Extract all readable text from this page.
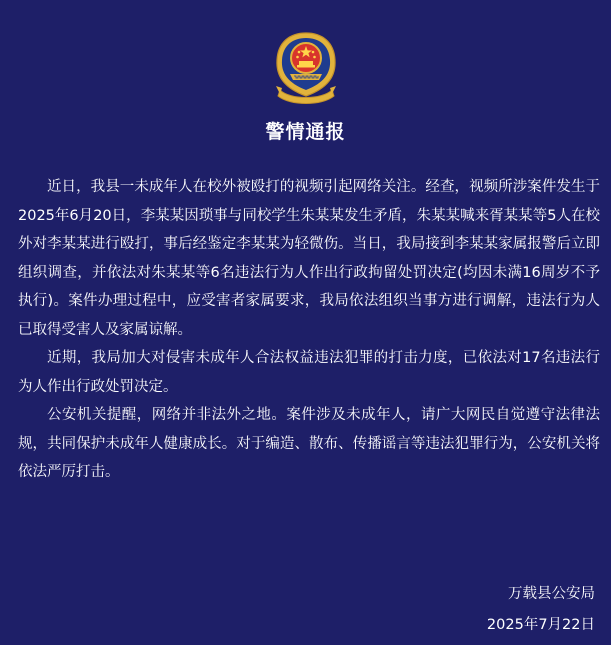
警情通报

近日，我县一未成年人在校外被殴打的视频引起网络关注。经查，视频所涉案件发生于2025年6月20日，李某某因琐事与同校学生朱某某发生矛盾，朱某某喊来胥某某等5人在校外对李某某进行殴打，事后经鉴定李某某为轻微伤。当日，我局接到李某某家属报警后立即组织调查，并依法对朱某某等6名违法行为人作出行政拘留处罚决定(均因未满16周岁不予执行)。案件办理过程中，应受害者家属要求，我局依法组织当事方进行调解，违法行为人已取得受害人及家属谅解。

近期，我局加大对侵害未成年人合法权益违法犯罪的打击力度，已依法对17名违法行为人作出行政处罚决定。

公安机关提醒，网络并非法外之地。案件涉及未成年人，请广大网民自觉遵守法律法规，共同保护未成年人健康成长。对于编造、散布、传播谣言等违法犯罪行为，公安机关将依法严厉打击。

万载县公安局
2025年7月22日
